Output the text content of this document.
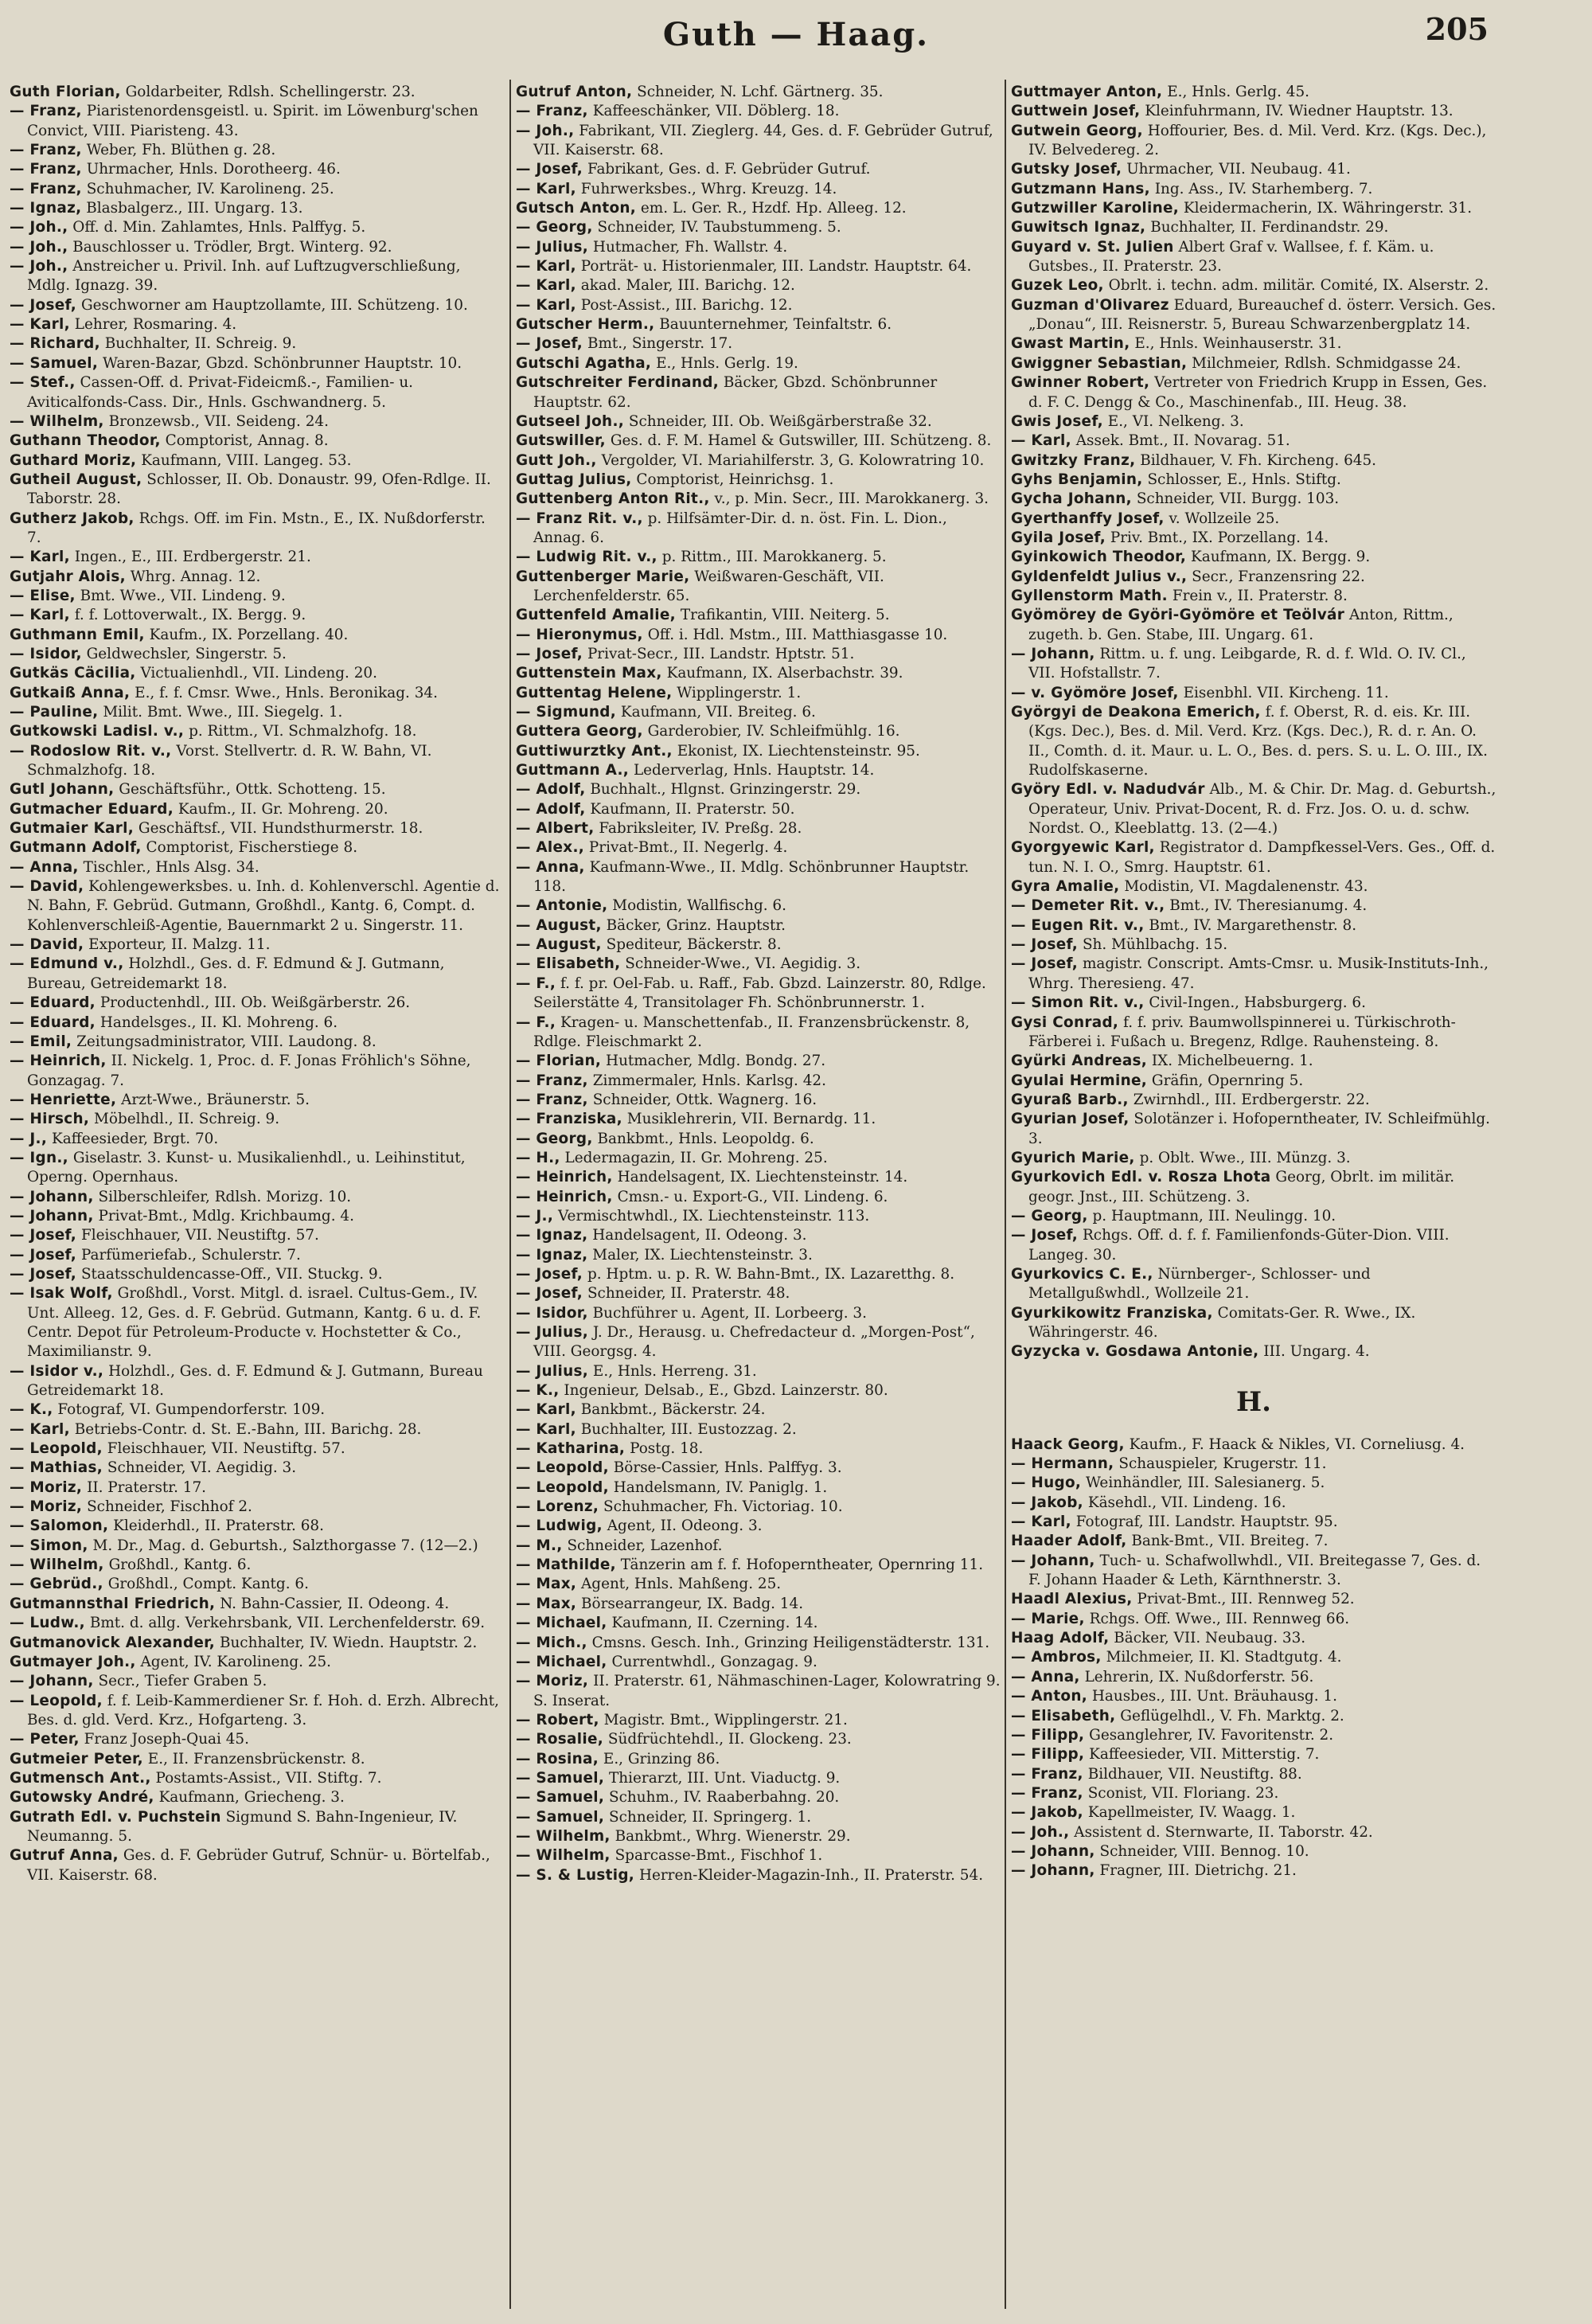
Guth — Haag.	205

Guth Florian, Goldarbeiter, Rdlsh. Schellingerstr. 23.

— Franz, Piaristenordensgeistl. u. Spirit. im Löwenburg'schen Convict, VIII. Piaristeng. 43.

— Franz, Weber, Fh. Blüthen g. 28.

— Franz, Uhrmacher, Hnls. Dorotheerg. 46.

— Franz, Schuhmacher, IV. Karolineng. 25.

— Ignaz, Blasbalgerz., III. Ungarg. 13.

— Joh., Off. d. Min. Zahlamtes, Hnls. Palffyg. 5.

— Joh., Bauschlosser u. Trödler, Brgt. Winterg. 92.

— Joh., Anstreicher u. Privil. Inh. auf Luftzugverschließung, Mdlg. Ignazg. 39.

— Josef, Geschworner am Hauptzollamte, III. Schützeng. 10.

— Karl, Lehrer, Rosmaring. 4.

— Richard, Buchhalter, II. Schreig. 9.

— Samuel, Waren-Bazar, Gbzd. Schönbrunner Hauptstr. 10.

— Stef., Cassen-Off. d. Privat-Fideicmß.-, Familien- u. Aviticalfonds-Cass. Dir., Hnls. Gschwandnerg. 5.

— Wilhelm, Bronzewsb., VII. Seideng. 24.

Guthann Theodor, Comptorist, Annag. 8.

Guthard Moriz, Kaufmann, VIII. Langeg. 53.

Gutheil August, Schlosser, II. Ob. Donaustr. 99, Ofen-Rdlge. II. Taborstr. 28.

Gutherz Jakob, Rchgs. Off. im Fin. Mstn., E., IX. Nußdorferstr. 7.

— Karl, Ingen., E., III. Erdbergerstr. 21.

Gutjahr Alois, Whrg. Annag. 12.

— Elise, Bmt. Wwe., VII. Lindeng. 9.

— Karl, f. f. Lottoverwalt., IX. Bergg. 9.

Guthmann Emil, Kaufm., IX. Porzellang. 40.

— Isidor, Geldwechsler, Singerstr. 5.

Gutkäs Cäcilia, Victualienhdl., VII. Lindeng. 20.

Gutkaiß Anna, E., f. f. Cmsr. Wwe., Hnls. Beronikag. 34.

— Pauline, Milit. Bmt. Wwe., III. Siegelg. 1.

Gutkowski Ladisl. v., p. Rittm., VI. Schmalzhofg. 18.

— Rodoslow Rit. v., Vorst. Stellvertr. d. R. W. Bahn, VI. Schmalzhofg. 18.

Gutl Johann, Geschäftsführ., Ottk. Schotteng. 15.

Gutmacher Eduard, Kaufm., II. Gr. Mohreng. 20.

Gutmaier Karl, Geschäftsf., VII. Hundsthurmerstr. 18.

Gutmann Adolf, Comptorist, Fischerstiege 8.

— Anna, Tischler., Hnls Alsg. 34.

— David, Kohlengewerksbes. u. Inh. d. Kohlenverschl. Agentie d. N. Bahn, F. Gebrüd. Gutmann, Großhdl., Kantg. 6, Compt. d. Kohlenverschleiß-Agentie, Bauernmarkt 2 u. Singerstr. 11.

— David, Exporteur, II. Malzg. 11.

— Edmund v., Holzhdl., Ges. d. F. Edmund & J. Gutmann, Bureau, Getreidemarkt 18.

— Eduard, Productenhdl., III. Ob. Weißgärberstr. 26.

— Eduard, Handelsges., II. Kl. Mohreng. 6.

— Emil, Zeitungsadministrator, VIII. Laudong. 8.

— Heinrich, II. Nickelg. 1, Proc. d. F. Jonas Fröhlich's Söhne, Gonzagag. 7.

— Henriette, Arzt-Wwe., Bräunerstr. 5.

— Hirsch, Möbelhdl., II. Schreig. 9.

— J., Kaffeesieder, Brgt. 70.

— Ign., Giselastr. 3. Kunst- u. Musikalienhdl., u. Leihinstitut, Operng. Opernhaus.

— Johann, Silberschleifer, Rdlsh. Morizg. 10.

— Johann, Privat-Bmt., Mdlg. Krichbaumg. 4.

— Josef, Fleischhauer, VII. Neustiftg. 57.

— Josef, Parfümeriefab., Schulerstr. 7.

— Josef, Staatsschuldencasse-Off., VII. Stuckg. 9.

— Isak Wolf, Großhdl., Vorst. Mitgl. d. israel. Cultus-Gem., IV. Unt. Alleeg. 12, Ges. d. F. Gebrüd. Gutmann, Kantg. 6 u. d. F. Centr. Depot für Petroleum-Producte v. Hochstetter & Co., Maximilianstr. 9.

— Isidor v., Holzhdl., Ges. d. F. Edmund & J. Gutmann, Bureau Getreidemarkt 18.

— K., Fotograf, VI. Gumpendorferstr. 109.

— Karl, Betriebs-Contr. d. St. E.-Bahn, III. Barichg. 28.

— Leopold, Fleischhauer, VII. Neustiftg. 57.

— Mathias, Schneider, VI. Aegidig. 3.

— Moriz, II. Praterstr. 17.

— Moriz, Schneider, Fischhof 2.

— Salomon, Kleiderhdl., II. Praterstr. 68.

— Simon, M. Dr., Mag. d. Geburtsh., Salzthorgasse 7. (12—2.)

— Wilhelm, Großhdl., Kantg. 6.

— Gebrüd., Großhdl., Compt. Kantg. 6.

Gutmannsthal Friedrich, N. Bahn-Cassier, II. Odeong. 4.

— Ludw., Bmt. d. allg. Verkehrsbank, VII. Lerchenfelderstr. 69.

Gutmanovick Alexander, Buchhalter, IV. Wiedn. Hauptstr. 2.

Gutmayer Joh., Agent, IV. Karolineng. 25.

— Johann, Secr., Tiefer Graben 5.

— Leopold, f. f. Leib-Kammerdiener Sr. f. Hoh. d. Erzh. Albrecht, Bes. d. gld. Verd. Krz., Hofgarteng. 3.

— Peter, Franz Joseph-Quai 45.

Gutmeier Peter, E., II. Franzensbrückenstr. 8.

Gutmensch Ant., Postamts-Assist., VII. Stiftg. 7.

Gutowsky André, Kaufmann, Griecheng. 3.

Gutrath Edl. v. Puchstein Sigmund S. Bahn-Ingenieur, IV. Neumanng. 5.

Gutruf Anna, Ges. d. F. Gebrüder Gutruf, Schnür- u. Börtelfab., VII. Kaiserstr. 68.

Gutruf Anton, Schneider, N. Lchf. Gärtnerg. 35.

— Franz, Kaffeeschänker, VII. Döblerg. 18.

— Joh., Fabrikant, VII. Zieglerg. 44, Ges. d. F. Gebrüder Gutruf, VII. Kaiserstr. 68.

— Josef, Fabrikant, Ges. d. F. Gebrüder Gutruf.

— Karl, Fuhrwerksbes., Whrg. Kreuzg. 14.

Gutsch Anton, em. L. Ger. R., Hzdf. Hp. Alleeg. 12.

— Georg, Schneider, IV. Taubstummeng. 5.

— Julius, Hutmacher, Fh. Wallstr. 4.

— Karl, Porträt- u. Historienmaler, III. Landstr. Hauptstr. 64.

— Karl, akad. Maler, III. Barichg. 12.

— Karl, Post-Assist., III. Barichg. 12.

Gutscher Herm., Bauunternehmer, Teinfaltstr. 6.

— Josef, Bmt., Singerstr. 17.

Gutschi Agatha, E., Hnls. Gerlg. 19.

Gutschreiter Ferdinand, Bäcker, Gbzd. Schönbrunner Hauptstr. 62.

Gutseel Joh., Schneider, III. Ob. Weißgärberstraße 32.

Gutswiller, Ges. d. F. M. Hamel & Gutswiller, III. Schützeng. 8.

Gutt Joh., Vergolder, VI. Mariahilferstr. 3, G. Kolowratring 10.

Guttag Julius, Comptorist, Heinrichsg. 1.

Guttenberg Anton Rit., v., p. Min. Secr., III. Marokkanerg. 3.

— Franz Rit. v., p. Hilfsämter-Dir. d. n. öst. Fin. L. Dion., Annag. 6.

— Ludwig Rit. v., p. Rittm., III. Marokkanerg. 5.

Guttenberger Marie, Weißwaren-Geschäft, VII. Lerchenfelderstr. 65.

Guttenfeld Amalie, Trafikantin, VIII. Neiterg. 5.

— Hieronymus, Off. i. Hdl. Mstm., III. Matthiasgasse 10.

— Josef, Privat-Secr., III. Landstr. Hptstr. 51.

Guttenstein Max, Kaufmann, IX. Alserbachstr. 39.

Guttentag Helene, Wipplingerstr. 1.

— Sigmund, Kaufmann, VII. Breiteg. 6.

Guttera Georg, Garderobier, IV. Schleifmühlg. 16.

Guttiwurztky Ant., Ekonist, IX. Liechtensteinstr. 95.

Guttmann A., Lederverlag, Hnls. Hauptstr. 14.

— Adolf, Buchhalt., Hlgnst. Grinzingerstr. 29.

— Adolf, Kaufmann, II. Praterstr. 50.

— Albert, Fabriksleiter, IV. Preßg. 28.

— Alex., Privat-Bmt., II. Negerlg. 4.

— Anna, Kaufmann-Wwe., II. Mdlg. Schönbrunner Hauptstr. 118.

— Antonie, Modistin, Wallfischg. 6.

— August, Bäcker, Grinz. Hauptstr.

— August, Spediteur, Bäckerstr. 8.

— Elisabeth, Schneider-Wwe., VI. Aegidig. 3.

— F., f. f. pr. Oel-Fab. u. Raff., Fab. Gbzd. Lainzerstr. 80, Rdlge. Seilerstätte 4, Transitolager Fh. Schönbrunnerstr. 1.

— F., Kragen- u. Manschettenfab., II. Franzensbrückenstr. 8, Rdlge. Fleischmarkt 2.

— Florian, Hutmacher, Mdlg. Bondg. 27.

— Franz, Zimmermaler, Hnls. Karlsg. 42.

— Franz, Schneider, Ottk. Wagnerg. 16.

— Franziska, Musiklehrerin, VII. Bernardg. 11.

— Georg, Bankbmt., Hnls. Leopoldg. 6.

— H., Ledermagazin, II. Gr. Mohreng. 25.

— Heinrich, Handelsagent, IX. Liechtensteinstr. 14.

— Heinrich, Cmsn.- u. Export-G., VII. Lindeng. 6.

— J., Vermischtwhdl., IX. Liechtensteinstr. 113.

— Ignaz, Handelsagent, II. Odeong. 3.

— Ignaz, Maler, IX. Liechtensteinstr. 3.

— Josef, p. Hptm. u. p. R. W. Bahn-Bmt., IX. Lazaretthg. 8.

— Josef, Schneider, II. Praterstr. 48.

— Isidor, Buchführer u. Agent, II. Lorbeerg. 3.

— Julius, J. Dr., Herausg. u. Chefredacteur d. „Morgen-Post“, VIII. Georgsg. 4.

— Julius, E., Hnls. Herreng. 31.

— K., Ingenieur, Delsab., E., Gbzd. Lainzerstr. 80.

— Karl, Bankbmt., Bäckerstr. 24.

— Karl, Buchhalter, III. Eustozzag. 2.

— Katharina, Postg. 18.

— Leopold, Börse-Cassier, Hnls. Palffyg. 3.

— Leopold, Handelsmann, IV. Paniglg. 1.

— Lorenz, Schuhmacher, Fh. Victoriag. 10.

— Ludwig, Agent, II. Odeong. 3.

— M., Schneider, Lazenhof.

— Mathilde, Tänzerin am f. f. Hofoperntheater, Opernring 11.

— Max, Agent, Hnls. Mahßeng. 25.

— Max, Börsearrangeur, IX. Badg. 14.

— Michael, Kaufmann, II. Czerning. 14.

— Mich., Cmsns. Gesch. Inh., Grinzing Heiligenstädterstr. 131.

— Michael, Currentwhdl., Gonzagag. 9.

— Moriz, II. Praterstr. 61, Nähmaschinen-Lager, Kolowratring 9. S. Inserat.

— Robert, Magistr. Bmt., Wipplingerstr. 21.

— Rosalie, Südfrüchtehdl., II. Glockeng. 23.

— Rosina, E., Grinzing 86.

— Samuel, Thierarzt, III. Unt. Viaductg. 9.

— Samuel, Schuhm., IV. Raaberbahng. 20.

— Samuel, Schneider, II. Springerg. 1.

— Wilhelm, Bankbmt., Whrg. Wienerstr. 29.

— Wilhelm, Sparcasse-Bmt., Fischhof 1.

— S. & Lustig, Herren-Kleider-Magazin-Inh., II. Praterstr. 54.

Guttmayer Anton, E., Hnls. Gerlg. 45.

Guttwein Josef, Kleinfuhrmann, IV. Wiedner Hauptstr. 13.

Gutwein Georg, Hoffourier, Bes. d. Mil. Verd. Krz. (Kgs. Dec.), IV. Belvedereg. 2.

Gutsky Josef, Uhrmacher, VII. Neubaug. 41.

Gutzmann Hans, Ing. Ass., IV. Starhemberg. 7.

Gutzwiller Karoline, Kleidermacherin, IX. Währingerstr. 31.

Guwitsch Ignaz, Buchhalter, II. Ferdinandstr. 29.

Guyard v. St. Julien Albert Graf v. Wallsee, f. f. Käm. u. Gutsbes., II. Praterstr. 23.

Guzek Leo, Obrlt. i. techn. adm. militär. Comité, IX. Alserstr. 2.

Guzman d'Olivarez Eduard, Bureauchef d. österr. Versich. Ges. „Donau“, III. Reisnerstr. 5, Bureau Schwarzenbergplatz 14.

Gwast Martin, E., Hnls. Weinhauserstr. 31.

Gwiggner Sebastian, Milchmeier, Rdlsh. Schmidgasse 24.

Gwinner Robert, Vertreter von Friedrich Krupp in Essen, Ges. d. F. C. Dengg & Co., Maschinenfab., III. Heug. 38.

Gwis Josef, E., VI. Nelkeng. 3.

— Karl, Assek. Bmt., II. Novarag. 51.

Gwitzky Franz, Bildhauer, V. Fh. Kircheng. 645.

Gyhs Benjamin, Schlosser, E., Hnls. Stiftg.

Gycha Johann, Schneider, VII. Burgg. 103.

Gyerthanffy Josef, v. Wollzeile 25.

Gyila Josef, Priv. Bmt., IX. Porzellang. 14.

Gyinkowich Theodor, Kaufmann, IX. Bergg. 9.

Gyldenfeldt Julius v., Secr., Franzensring 22.

Gyllenstorm Math. Frein v., II. Praterstr. 8.

Gyömörey de Györi-Gyömöre et Teölvár Anton, Rittm., zugeth. b. Gen. Stabe, III. Ungarg. 61.

— Johann, Rittm. u. f. ung. Leibgarde, R. d. f. Wld. O. IV. Cl., VII. Hofstallstr. 7.

— v. Gyömöre Josef, Eisenbhl. VII. Kircheng. 11.

Györgyi de Deakona Emerich, f. f. Oberst, R. d. eis. Kr. III. (Kgs. Dec.), Bes. d. Mil. Verd. Krz. (Kgs. Dec.), R. d. r. An. O. II., Comth. d. it. Maur. u. L. O., Bes. d. pers. S. u. L. O. III., IX. Rudolfskaserne.

Györy Edl. v. Nadudvár Alb., M. & Chir. Dr. Mag. d. Geburtsh., Operateur, Univ. Privat-Docent, R. d. Frz. Jos. O. u. d. schw. Nordst. O., Kleeblattg. 13. (2—4.)

Gyorgyewic Karl, Registrator d. Dampfkessel-Vers. Ges., Off. d. tun. N. I. O., Smrg. Hauptstr. 61.

Gyra Amalie, Modistin, VI. Magdalenenstr. 43.

— Demeter Rit. v., Bmt., IV. Theresianumg. 4.

— Eugen Rit. v., Bmt., IV. Margarethenstr. 8.

— Josef, Sh. Mühlbachg. 15.

— Josef, magistr. Conscript. Amts-Cmsr. u. Musik-Instituts-Inh., Whrg. Theresieng. 47.

— Simon Rit. v., Civil-Ingen., Habsburgerg. 6.

Gysi Conrad, f. f. priv. Baumwollspinnerei u. Türkischroth-Färberei i. Fußach u. Bregenz, Rdlge. Rauhensteing. 8.

Gyürki Andreas, IX. Michelbeuerng. 1.

Gyulai Hermine, Gräfin, Opernring 5.

Gyuraß Barb., Zwirnhdl., III. Erdbergerstr. 22.

Gyurian Josef, Solotänzer i. Hofoperntheater, IV. Schleifmühlg. 3.

Gyurich Marie, p. Oblt. Wwe., III. Münzg. 3.

Gyurkovich Edl. v. Rosza Lhota Georg, Obrlt. im militär. geogr. Jnst., III. Schützeng. 3.

— Georg, p. Hauptmann, III. Neulingg. 10.

— Josef, Rchgs. Off. d. f. f. Familienfonds-Güter-Dion. VIII. Langeg. 30.

Gyurkovics C. E., Nürnberger-, Schlosser- und Metallgußwhdl., Wollzeile 21.

Gyurkikowitz Franziska, Comitats-Ger. R. Wwe., IX. Währingerstr. 46.

Gyzycka v. Gosdawa Antonie, III. Ungarg. 4.

H.

Haack Georg, Kaufm., F. Haack & Nikles, VI. Corneliusg. 4.

— Hermann, Schauspieler, Krugerstr. 11.

— Hugo, Weinhändler, III. Salesianerg. 5.

— Jakob, Käsehdl., VII. Lindeng. 16.

— Karl, Fotograf, III. Landstr. Hauptstr. 95.

Haader Adolf, Bank-Bmt., VII. Breiteg. 7.

— Johann, Tuch- u. Schafwollwhdl., VII. Breitegasse 7, Ges. d. F. Johann Haader & Leth, Kärnthnerstr. 3.

Haadl Alexius, Privat-Bmt., III. Rennweg 52.

— Marie, Rchgs. Off. Wwe., III. Rennweg 66.

Haag Adolf, Bäcker, VII. Neubaug. 33.

— Ambros, Milchmeier, II. Kl. Stadtgutg. 4.

— Anna, Lehrerin, IX. Nußdorferstr. 56.

— Anton, Hausbes., III. Unt. Bräuhausg. 1.

— Elisabeth, Geflügelhdl., V. Fh. Marktg. 2.

— Filipp, Gesanglehrer, IV. Favoritenstr. 2.

— Filipp, Kaffeesieder, VII. Mitterstig. 7.

— Franz, Bildhauer, VII. Neustiftg. 88.

— Franz, Sconist, VII. Floriang. 23.

— Jakob, Kapellmeister, IV. Waagg. 1.

— Joh., Assistent d. Sternwarte, II. Taborstr. 42.

— Johann, Schneider, VIII. Bennog. 10.

— Johann, Fragner, III. Dietrichg. 21.
